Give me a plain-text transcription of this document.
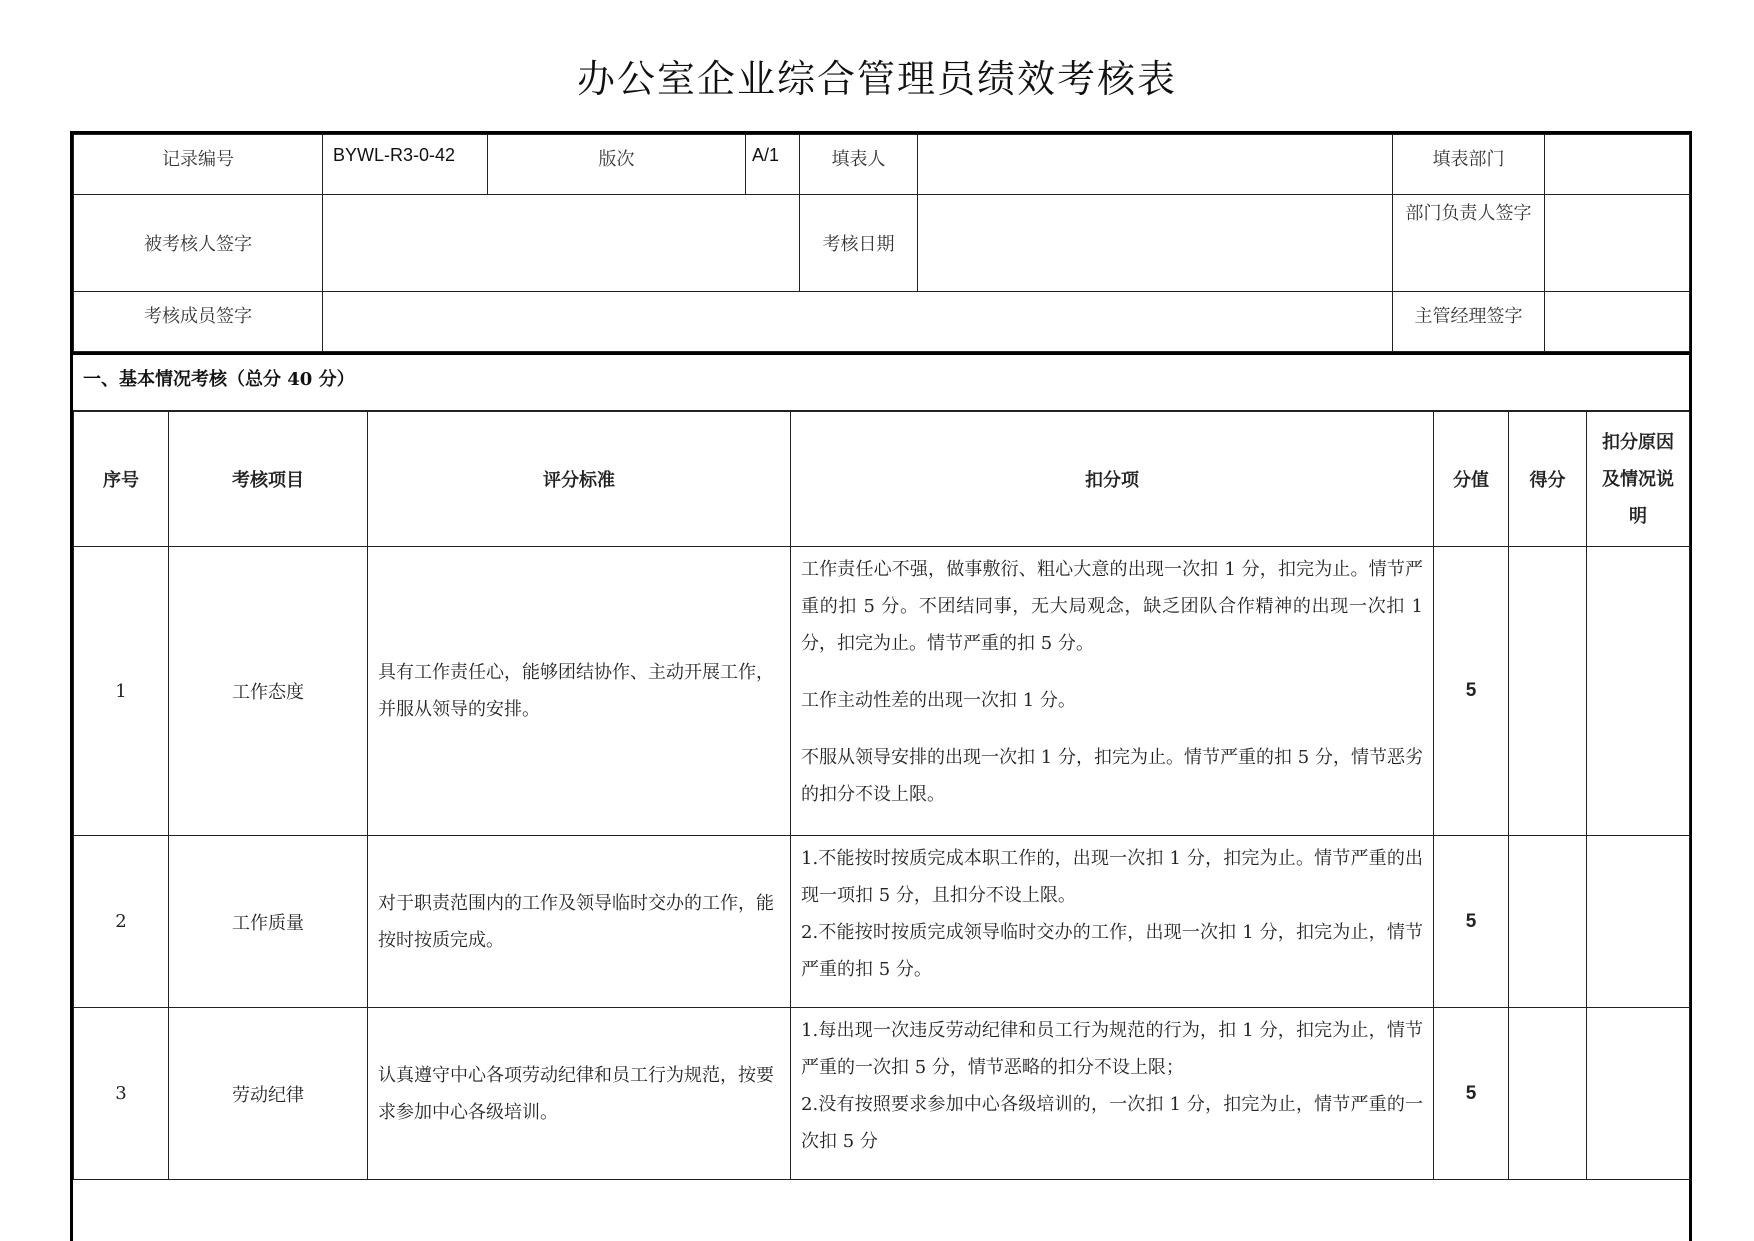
办公室企业综合管理员绩效考核表
记录编号	BYWL-R3-0-42	版次	A/1	填表人		填表部门	
被考核人签字				考核日期		部门负责人签字	
考核成员签字						主管经理签字	
一、基本情况考核（总分 40 分）
序号	考核项目	评分标准	扣分项	分值	得分	扣分原因及情况说明
1	工作态度	具有工作责任心，能够团结协作、主动开展工作，并服从领导的安排。	工作责任心不强，做事敷衍、粗心大意的出现一次扣 1 分，扣完为止。情节严重的扣 5 分。不团结同事，无大局观念，缺乏团队合作精神的出现一次扣 1 分，扣完为止。情节严重的扣 5 分。

工作主动性差的出现一次扣 1 分。

不服从领导安排的出现一次扣 1 分，扣完为止。情节严重的扣 5 分，情节恶劣的扣分不设上限。	5		
2	工作质量	对于职责范围内的工作及领导临时交办的工作，能按时按质完成。	1.不能按时按质完成本职工作的，出现一次扣 1 分，扣完为止。情节严重的出现一项扣 5 分，且扣分不设上限。

2.不能按时按质完成领导临时交办的工作，出现一次扣 1 分，扣完为止，情节严重的扣 5 分。	5		
3	劳动纪律	认真遵守中心各项劳动纪律和员工行为规范，按要求参加中心各级培训。	1.每出现一次违反劳动纪律和员工行为规范的行为，扣 1 分，扣完为止，情节严重的一次扣 5 分，情节恶略的扣分不设上限；

2.没有按照要求参加中心各级培训的，一次扣 1 分，扣完为止，情节严重的一次扣 5 分	5		
